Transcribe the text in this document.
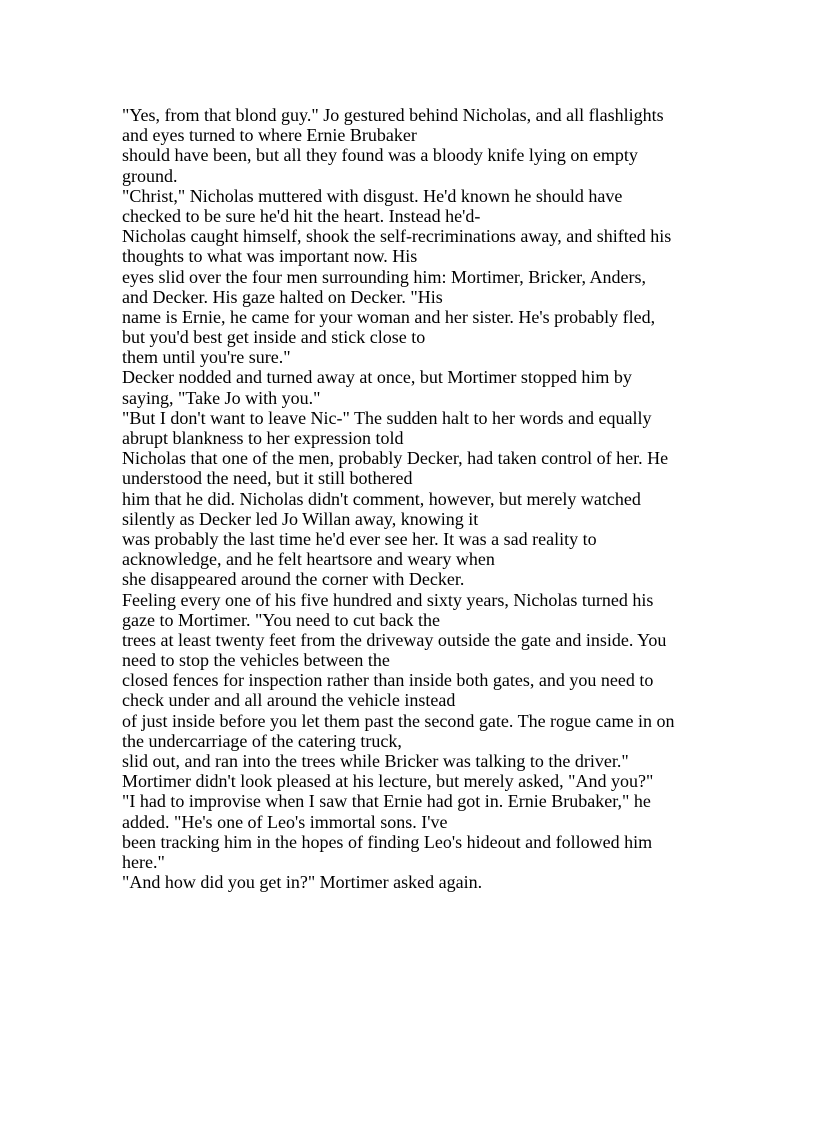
"Yes, from that blond guy." Jo gestured behind Nicholas, and all flashlights
and eyes turned to where Ernie Brubaker
should have been, but all they found was a bloody knife lying on empty
ground.
"Christ," Nicholas muttered with disgust. He'd known he should have
checked to be sure he'd hit the heart. Instead he'd-
Nicholas caught himself, shook the self-recriminations away, and shifted his
thoughts to what was important now. His
eyes slid over the four men surrounding him: Mortimer, Bricker, Anders,
and Decker. His gaze halted on Decker. "His
name is Ernie, he came for your woman and her sister. He's probably fled,
but you'd best get inside and stick close to
them until you're sure."
Decker nodded and turned away at once, but Mortimer stopped him by
saying, "Take Jo with you."
"But I don't want to leave Nic-" The sudden halt to her words and equally
abrupt blankness to her expression told
Nicholas that one of the men, probably Decker, had taken control of her. He
understood the need, but it still bothered
him that he did. Nicholas didn't comment, however, but merely watched
silently as Decker led Jo Willan away, knowing it
was probably the last time he'd ever see her. It was a sad reality to
acknowledge, and he felt heartsore and weary when
she disappeared around the corner with Decker.
Feeling every one of his five hundred and sixty years, Nicholas turned his
gaze to Mortimer. "You need to cut back the
trees at least twenty feet from the driveway outside the gate and inside. You
need to stop the vehicles between the
closed fences for inspection rather than inside both gates, and you need to
check under and all around the vehicle instead
of just inside before you let them past the second gate. The rogue came in on
the undercarriage of the catering truck,
slid out, and ran into the trees while Bricker was talking to the driver."
Mortimer didn't look pleased at his lecture, but merely asked, "And you?"
"I had to improvise when I saw that Ernie had got in. Ernie Brubaker," he
added. "He's one of Leo's immortal sons. I've
been tracking him in the hopes of finding Leo's hideout and followed him
here."
"And how did you get in?" Mortimer asked again.
